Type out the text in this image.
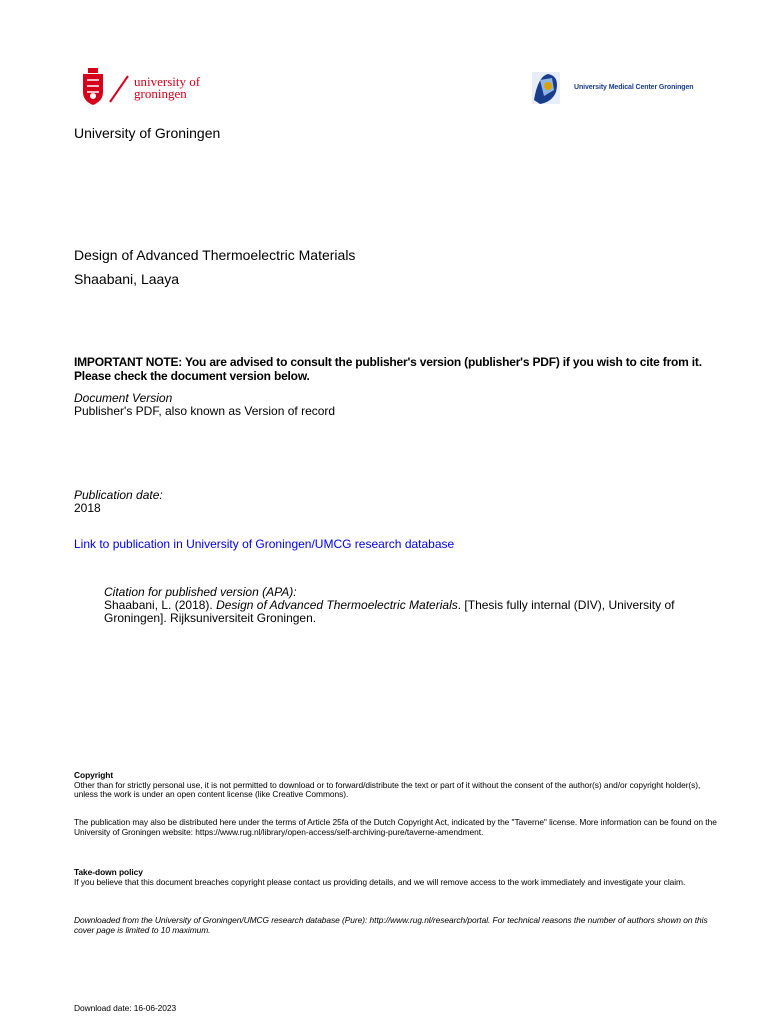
university of
groningen	University Medical Center Groningen
University of Groningen
Design of Advanced Thermoelectric Materials
Shaabani, Laaya
IMPORTANT NOTE: You are advised to consult the publisher's version (publisher's PDF) if you wish to cite from it. Please check the document version below.
Document Version
Publisher's PDF, also known as Version of record
Publication date:
2018
Link to publication in University of Groningen/UMCG research database
Citation for published version (APA):
Shaabani, L. (2018). Design of Advanced Thermoelectric Materials. [Thesis fully internal (DIV), University of Groningen]. Rijksuniversiteit Groningen.
Copyright
Other than for strictly personal use, it is not permitted to download or to forward/distribute the text or part of it without the consent of the author(s) and/or copyright holder(s), unless the work is under an open content license (like Creative Commons).
The publication may also be distributed here under the terms of Article 25fa of the Dutch Copyright Act, indicated by the "Taverne" license. More information can be found on the University of Groningen website: https://www.rug.nl/library/open-access/self-archiving-pure/taverne-amendment.
Take-down policy
If you believe that this document breaches copyright please contact us providing details, and we will remove access to the work immediately and investigate your claim.
Downloaded from the University of Groningen/UMCG research database (Pure): http://www.rug.nl/research/portal. For technical reasons the number of authors shown on this cover page is limited to 10 maximum.
Download date: 16-06-2023
